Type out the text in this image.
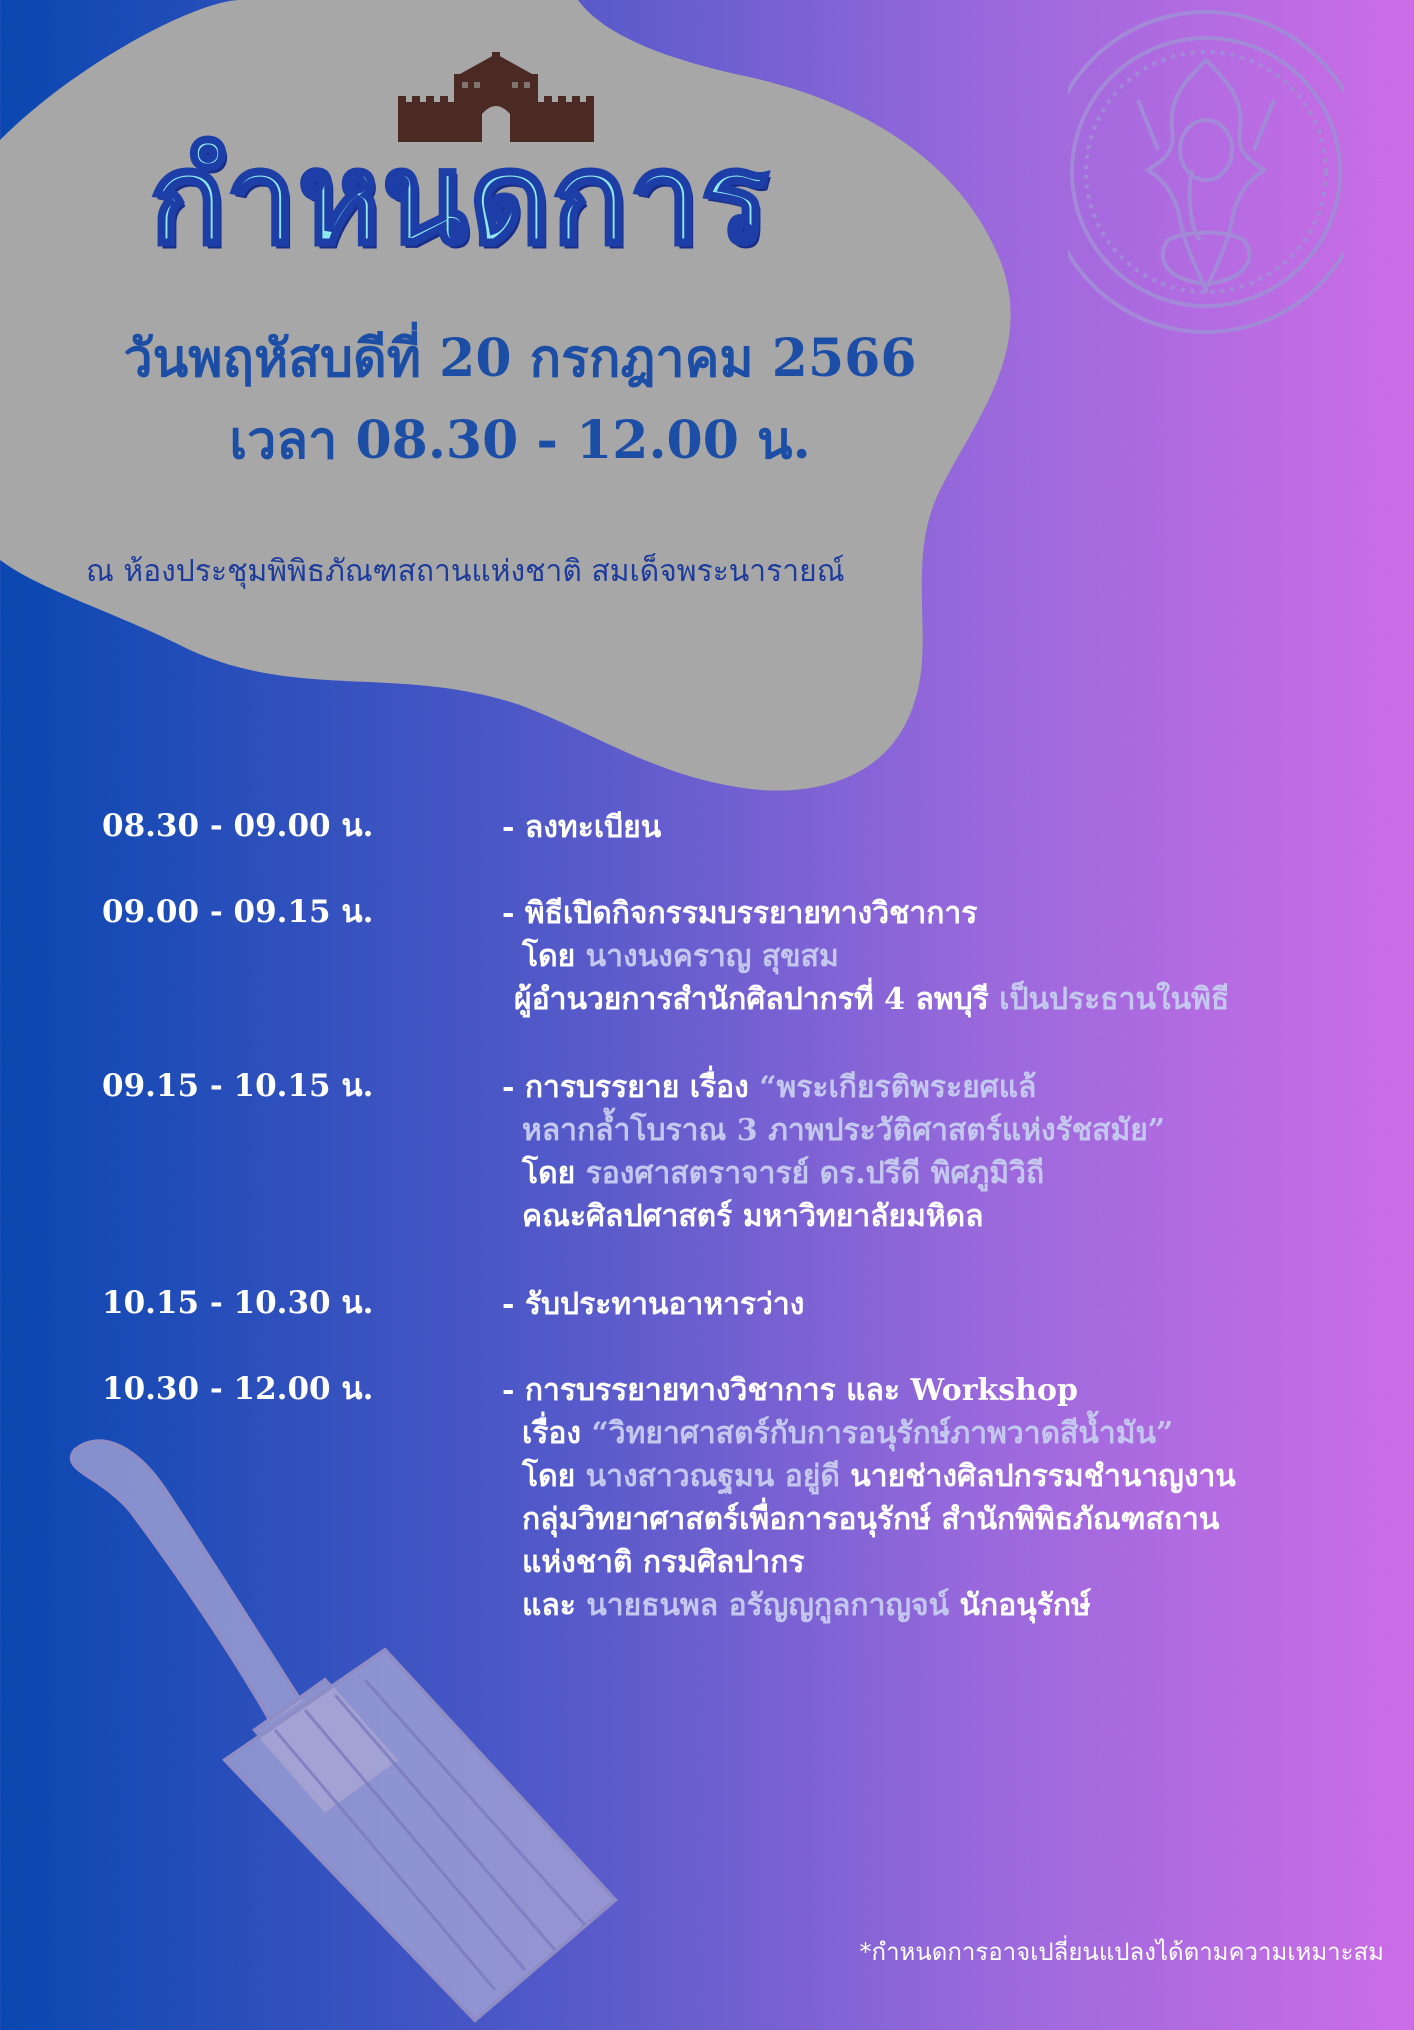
กำหนดการ
วันพฤหัสบดีที่ 20 กรกฎาคม 2566
เวลา 08.30 - 12.00 น.
ณ ห้องประชุมพิพิธภัณฑสถานแห่งชาติ สมเด็จพระนารายณ์
08.30 - 09.00 น.	- ลงทะเบียน
09.00 - 09.15 น.	- พิธีเปิดกิจกรรมบรรยายทางวิชาการ
โดย นางนงคราญ สุขสม
ผู้อำนวยการสำนักศิลปากรที่ 4 ลพบุรี เป็นประธานในพิธี
09.15 - 10.15 น.	- การบรรยาย เรื่อง “พระเกียรติพระยศแล้
หลากล้ำโบราณ 3 ภาพประวัติศาสตร์แห่งรัชสมัย”
โดย รองศาสตราจารย์ ดร.ปรีดี พิศภูมิวิถี
คณะศิลปศาสตร์ มหาวิทยาลัยมหิดล
10.15 - 10.30 น.	- รับประทานอาหารว่าง
10.30 - 12.00 น.	- การบรรยายทางวิชาการ และ Workshop
เรื่อง “วิทยาศาสตร์กับการอนุรักษ์ภาพวาดสีน้ำมัน”
โดย นางสาวณฐมน อยู่ดี นายช่างศิลปกรรมชำนาญงาน
กลุ่มวิทยาศาสตร์เพื่อการอนุรักษ์ สำนักพิพิธภัณฑสถาน
แห่งชาติ กรมศิลปากร
และ นายธนพล อรัญญกูลกาญจน์ นักอนุรักษ์
*กำหนดการอาจเปลี่ยนแปลงได้ตามความเหมาะสม
